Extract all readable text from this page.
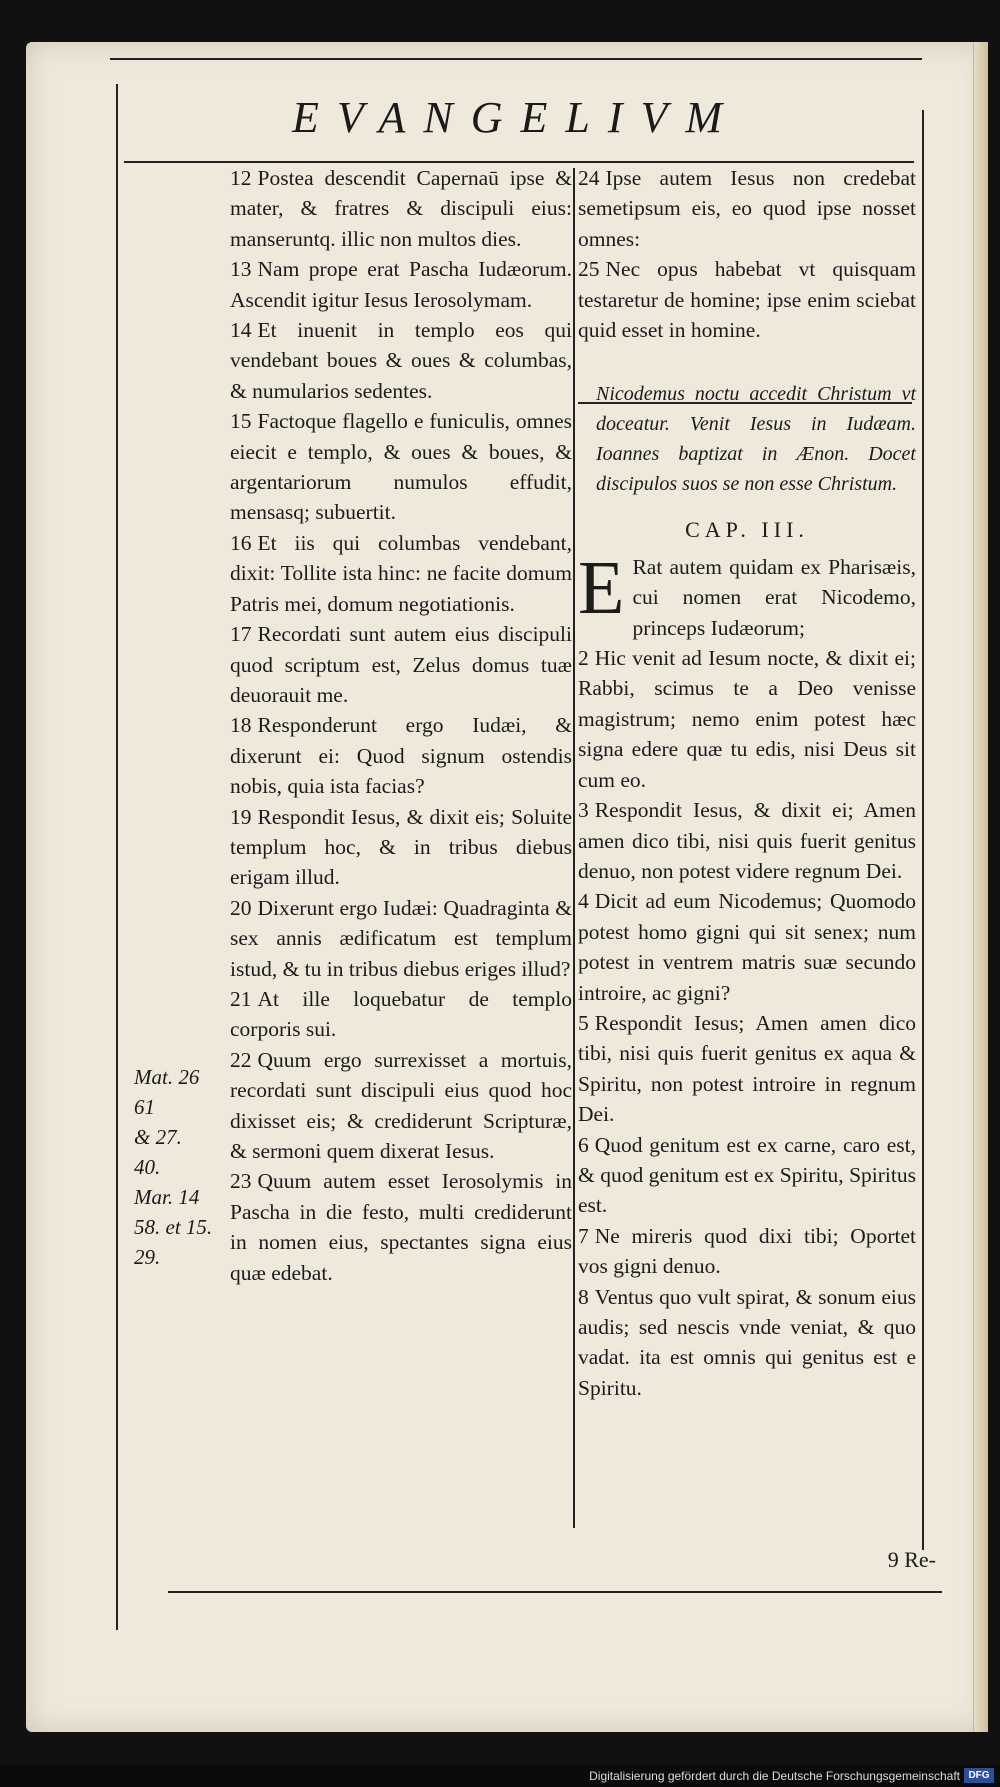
EVANGELIVM

12 Postea descendit Capernaū ipse & mater, & fratres & discipuli eius: manseruntq. illic non multos dies.

13 Nam prope erat Pascha Iudæorum. Ascendit igitur Iesus Ierosolymam.

14 Et inuenit in templo eos qui vendebant boues & oues & columbas, & numularios sedentes.

15 Factoque flagello e funiculis, omnes eiecit e templo, & oues & boues, & argentariorum numulos effudit, mensasq; subuertit.

16 Et iis qui columbas vendebant, dixit: Tollite ista hinc: ne facite domum Patris mei, domum negotiationis.

17 Recordati sunt autem eius discipuli quod scriptum est, Zelus domus tuæ deuorauit me.

18 Responderunt ergo Iudæi, & dixerunt ei: Quod signum ostendis nobis, quia ista facias?

19 Respondit Iesus, & dixit eis; Soluite templum hoc, & in tribus diebus erigam illud.

20 Dixerunt ergo Iudæi: Quadraginta & sex annis ædificatum est templum istud, & tu in tribus diebus eriges illud?

21 At ille loquebatur de templo corporis sui.

22 Quum ergo surrexisset a mortuis, recordati sunt discipuli eius quod hoc dixisset eis; & crediderunt Scripturæ, & sermoni quem dixerat Iesus.

23 Quum autem esset Ierosolymis in Pascha in die festo, multi crediderunt in nomen eius, spectantes signa eius quæ edebat.

24 Ipse autem Iesus non credebat semetipsum eis, eo quod ipse nosset omnes:

25 Nec opus habebat vt quisquam testaretur de homine; ipse enim sciebat quid esset in homine.

Nicodemus noctu accedit Christum vt doceatur. Venit Iesus in Iudæam. Ioannes baptizat in Ænon. Docet discipulos suos se non esse Christum.
CAP. III.
E Rat autem quidam ex Pharisæis, cui nomen erat Nicodemo, princeps Iudæorum;

2 Hic venit ad Iesum nocte, & dixit ei; Rabbi, scimus te a Deo venisse magistrum; nemo enim potest hæc signa edere quæ tu edis, nisi Deus sit cum eo.

3 Respondit Iesus, & dixit ei; Amen amen dico tibi, nisi quis fuerit genitus denuo, non potest videre regnum Dei.

4 Dicit ad eum Nicodemus; Quomodo potest homo gigni qui sit senex; num potest in ventrem matris suæ secundo introire, ac gigni?

5 Respondit Iesus; Amen amen dico tibi, nisi quis fuerit genitus ex aqua & Spiritu, non potest introire in regnum Dei.

6 Quod genitum est ex carne, caro est, & quod genitum est ex Spiritu, Spiritus est.

7 Ne mireris quod dixi tibi; Oportet vos gigni denuo.

8 Ventus quo vult spirat, & sonum eius audis; sed nescis vnde veniat, & quo vadat. ita est omnis qui genitus est e Spiritu.

Mat. 26
61
& 27.
40.
Mar. 14
58. et 15.
29.
9 Re-
Digitalisierung gefördert durch die Deutsche Forschungsgemeinschaft DFG
